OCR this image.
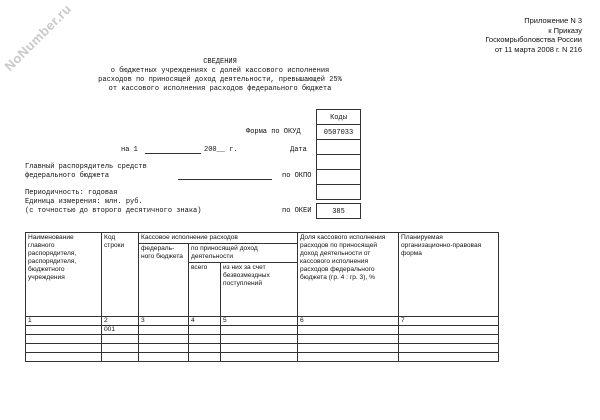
NoNumber.ru	Приложение N 3
к Приказу
Госкомрыболовства России
от 11 марта 2008 г. N 216
СВЕДЕНИЯ
о бюджетных учреждениях с долей кассового исполнения
расходов по приносящей доход деятельности, превышающей 25%
от кассового исполнения расходов федерального бюджета
Коды
0507033
385
Форма по ОКУД
на 1	200__ г.	Дата
Главный распорядитель средств
федерального бюджета	по ОКПО
Периодичность: годовая
Единица измерения: млн. руб.
(с точностью до второго десятичного знака)	по ОКЕИ
Наименование главного распорядителя, распорядителя, бюджетного учреждения	Код строки	Кассовое исполнение расходов			Доля кассового исполнения расходов по приносящей доход деятельности от кассового исполнения расходов федерального бюджета (гр. 4 : гр. 3), %	Планируемая организационно-правовая форма
		федераль-ного бюджета	по приносящей доход деятельности			
			всего	из них за счет безвозмездных поступлений		
1	2	3	4	5	6	7
	001					
